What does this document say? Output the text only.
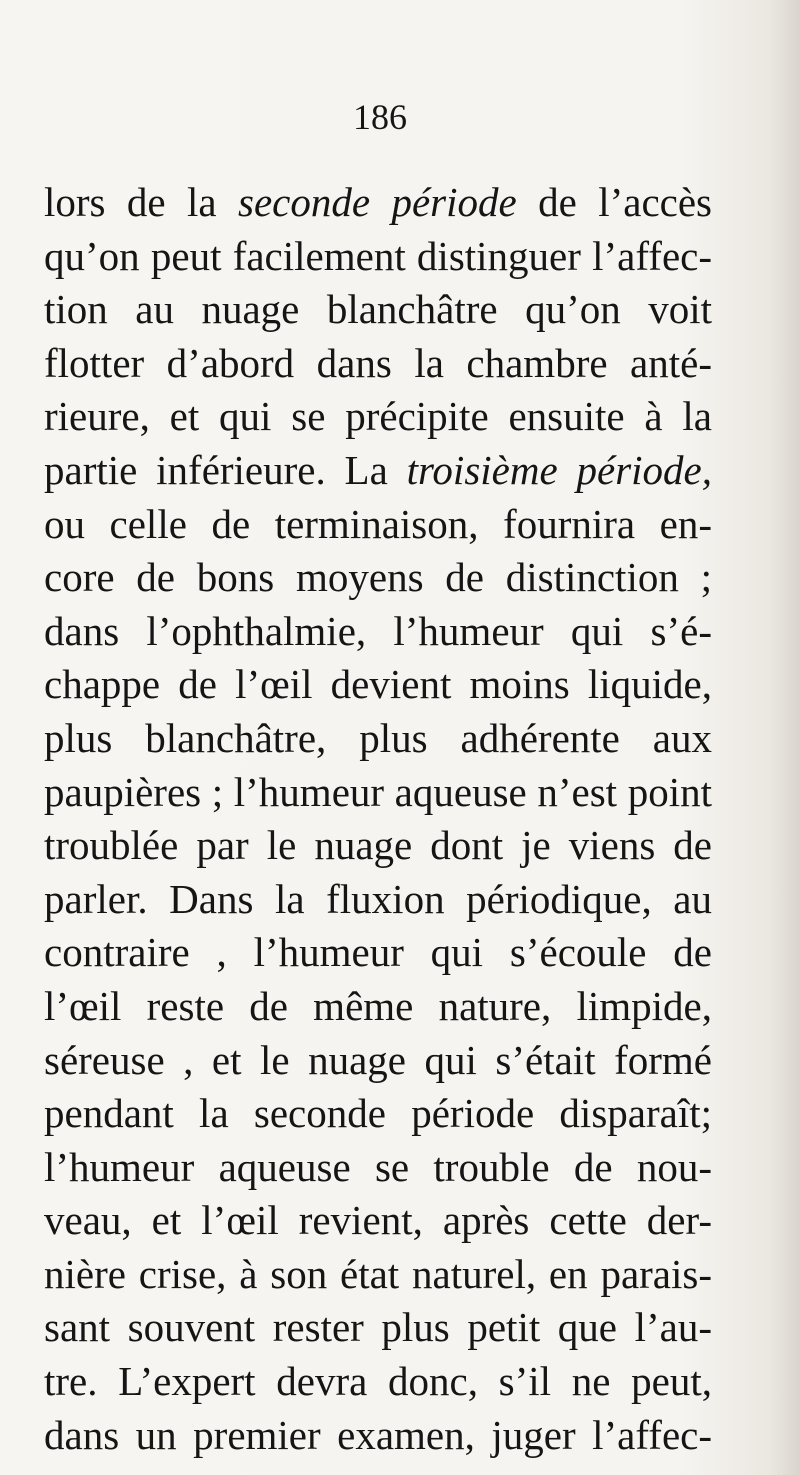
186
lors de la seconde période de l’accès
qu’on peut facilement distinguer l’affec-
tion au nuage blanchâtre qu’on voit
flotter d’abord dans la chambre anté-
rieure, et qui se précipite ensuite à la
partie inférieure. La troisième période,
ou celle de terminaison, fournira en-
core de bons moyens de distinction ;
dans l’ophthalmie, l’humeur qui s’é-
chappe de l’œil devient moins liquide,
plus blanchâtre, plus adhérente aux
paupières ; l’humeur aqueuse n’est point
troublée par le nuage dont je viens de
parler. Dans la fluxion périodique, au
contraire , l’humeur qui s’écoule de
l’œil reste de même nature, limpide,
séreuse , et le nuage qui s’était formé
pendant la seconde période disparaît;
l’humeur aqueuse se trouble de nou-
veau, et l’œil revient, après cette der-
nière crise, à son état naturel, en parais-
sant souvent rester plus petit que l’au-
tre. L’expert devra donc, s’il ne peut,
dans un premier examen, juger l’affec-
